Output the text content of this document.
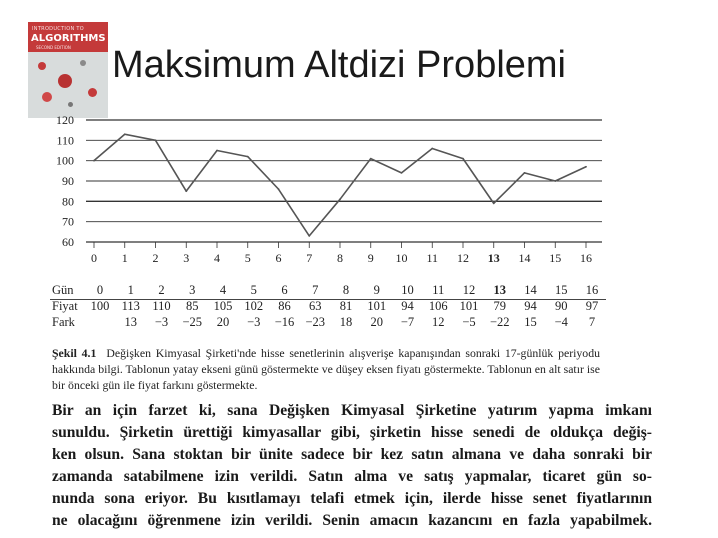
INTRODUCTION TO
ALGORITHMS
SECOND EDITION Maksimum Altdizi Problemi
60
70
80
90
100
110
120
0 1 2 3 4 5 6 7 8 9 10 11 12 13 14 15 16
Gün 0 1 2 3 4 5 6 7 8 9 10 11 12 13 14 15 16
Fiyat 100 113 110 85 105 102 86 63 81 101 94 106 101 79 94 90 97
Fark	13 −3 −25 20 −3 −16 −23 18 20 −7 12 −5 −22 15 −4 7
Şekil 4.1 Değişken Kimyasal Şirketi'nde hisse senetlerinin alışverişe kapanışından sonraki 17-günlük periyodu hakkında bilgi. Tablonun yatay ekseni günü göstermekte ve düşey eksen fiyatı göstermekte. Tablonun en alt satır ise bir önceki gün ile fiyat farkını göstermekte.
Bir an için farzet ki, sana Değişken Kimyasal Şirketine yatırım yapma imkanı
sunuldu. Şirketin ürettiği kimyasallar gibi, şirketin hisse senedi de oldukça değiş-
ken olsun. Sana stoktan bir ünite sadece bir kez satın almana ve daha sonraki bir
zamanda satabilmene izin verildi. Satın alma ve satış yapmalar, ticaret gün so-
nunda sona eriyor. Bu kısıtlamayı telafi etmek için, ilerde hisse senet fiyatlarının
ne olacağını öğrenmene izin verildi. Senin amacın kazancını en fazla yapabilmek.
